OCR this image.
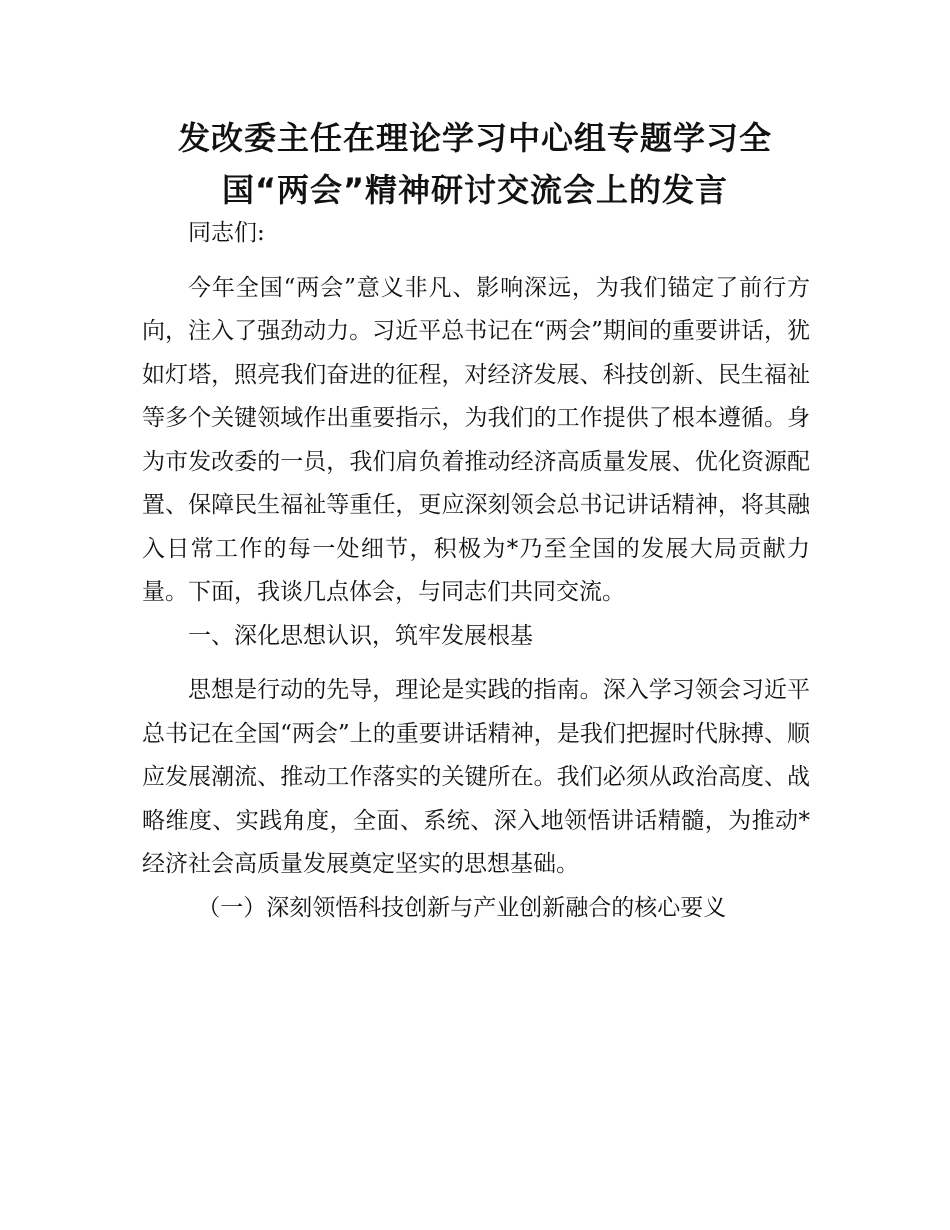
发改委主任在理论学习中心组专题学习全
国“两会”精神研讨交流会上的发言

同志们:

今年全国“两会”意义非凡、影响深远，为我们锚定了前行方向，注入了强劲动力。习近平总书记在“两会”期间的重要讲话，犹如灯塔，照亮我们奋进的征程，对经济发展、科技创新、民生福祉等多个关键领域作出重要指示，为我们的工作提供了根本遵循。身为市发改委的一员，我们肩负着推动经济高质量发展、优化资源配置、保障民生福祉等重任，更应深刻领会总书记讲话精神，将其融入日常工作的每一处细节，积极为*乃至全国的发展大局贡献力量。下面，我谈几点体会，与同志们共同交流。

一、深化思想认识，筑牢发展根基

思想是行动的先导，理论是实践的指南。深入学习领会习近平总书记在全国“两会”上的重要讲话精神，是我们把握时代脉搏、顺应发展潮流、推动工作落实的关键所在。我们必须从政治高度、战略维度、实践角度，全面、系统、深入地领悟讲话精髓，为推动*经济社会高质量发展奠定坚实的思想基础。

（一）深刻领悟科技创新与产业创新融合的核心要义
